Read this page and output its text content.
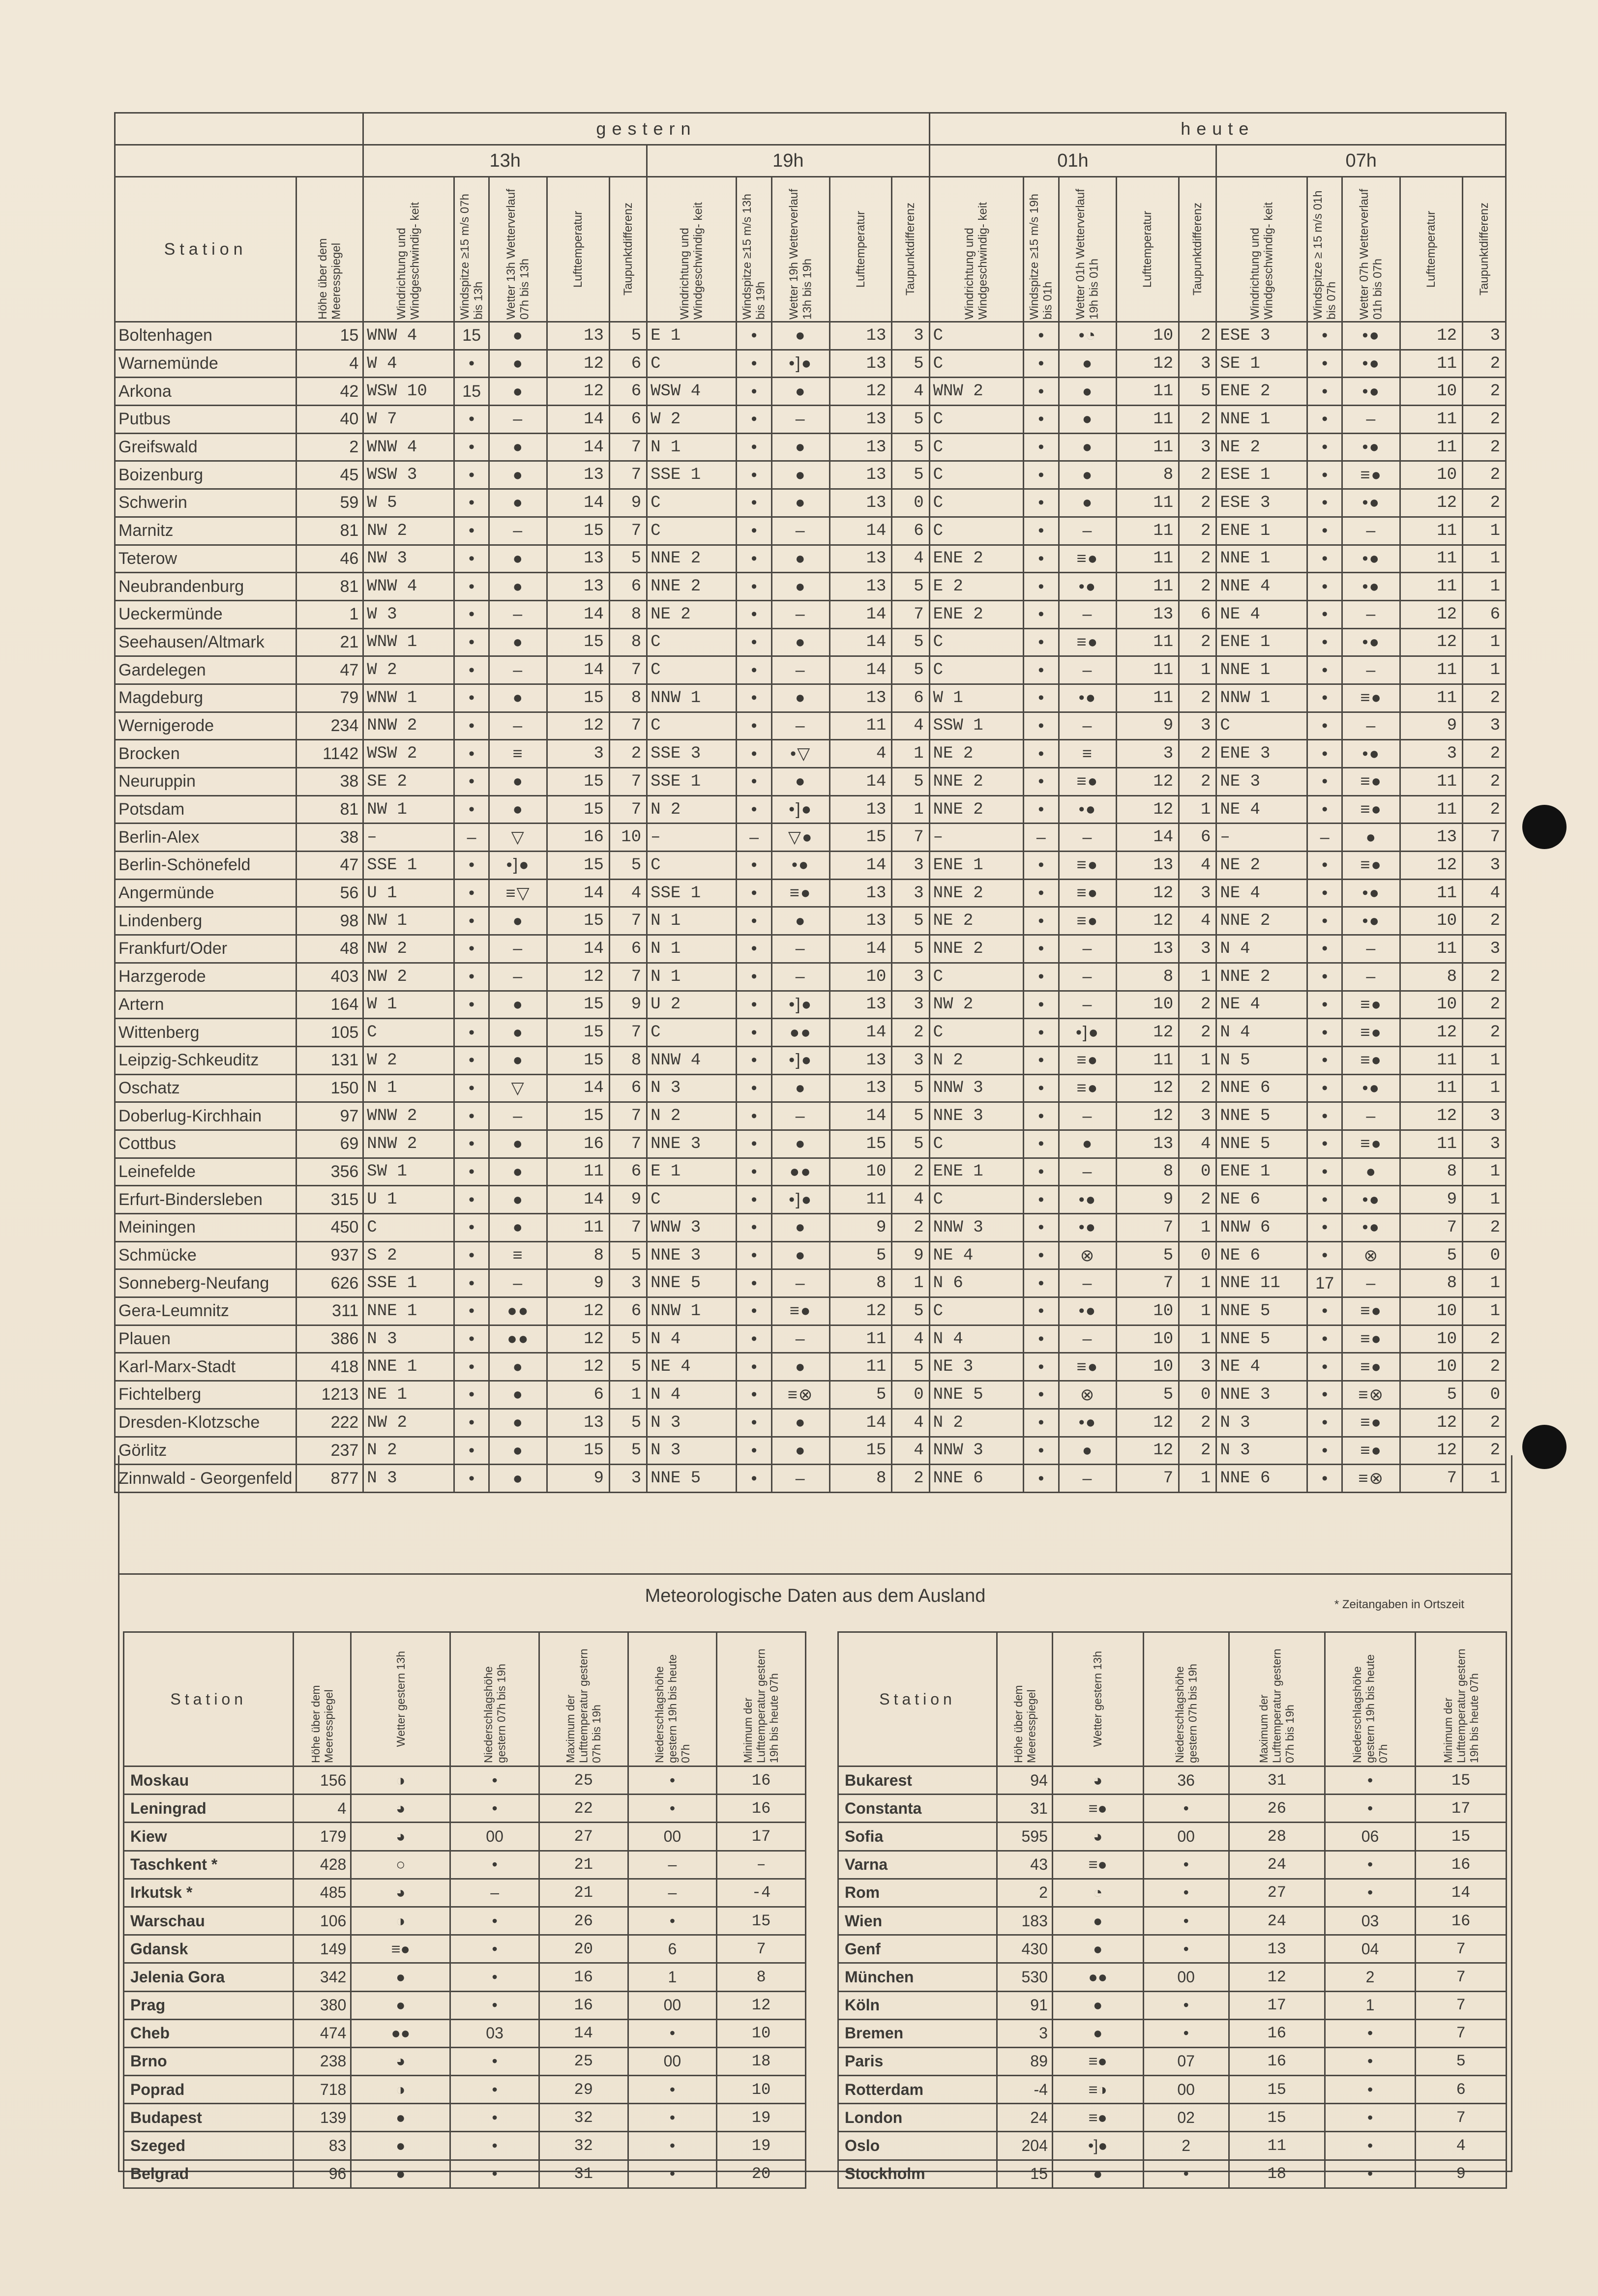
		gestern										heute									
		13h					19h					01h					07h				
Station	Höhe über dem Meeresspiegel	Windrichtung und Windgeschwindig- keit	Windspitze ≥15 m/s 07h bis 13h	Wetter 13h Wetterverlauf 07h bis 13h	Lufttemperatur	Taupunktdifferenz	Windrichtung und Windgeschwindig- keit	Windspitze ≥15 m/s 13h bis 19h	Wetter 19h Wetterverlauf 13h bis 19h	Lufttemperatur	Taupunktdifferenz	Windrichtung und Windgeschwindig- keit	Windspitze ≥15 m/s 19h bis 01h	Wetter 01h Wetterverlauf 19h bis 01h	Lufttemperatur	Taupunktdifferenz	Windrichtung und Windgeschwindig- keit	Windspitze ≥ 15 m/s 01h bis 07h	Wetter 07h Wetterverlauf 01h bis 07h	Lufttemperatur	Taupunktdifferenz

Boltenhagen	15	WNW 4	15	●	13	5	E 1	•	●	13	3	C	•	•◔	10	2	ESE 3	•	•●	12	3
Warnemünde	4	W 4	•	●	12	6	C	•	•]●	13	5	C	•	●	12	3	SE 1	•	•●	11	2
Arkona	42	WSW 10	15	●	12	6	WSW 4	•	●	12	4	WNW 2	•	●	11	5	ENE 2	•	•●	10	2
Putbus	40	W 7	•	–	14	6	W 2	•	–	13	5	C	•	●	11	2	NNE 1	•	–	11	2
Greifswald	2	WNW 4	•	●	14	7	N 1	•	●	13	5	C	•	●	11	3	NE 2	•	•●	11	2
Boizenburg	45	WSW 3	•	●	13	7	SSE 1	•	●	13	5	C	•	●	8	2	ESE 1	•	≡●	10	2
Schwerin	59	W 5	•	●	14	9	C	•	●	13	0	C	•	●	11	2	ESE 3	•	•●	12	2
Marnitz	81	NW 2	•	–	15	7	C	•	–	14	6	C	•	–	11	2	ENE 1	•	–	11	1
Teterow	46	NW 3	•	●	13	5	NNE 2	•	●	13	4	ENE 2	•	≡●	11	2	NNE 1	•	•●	11	1
Neubrandenburg	81	WNW 4	•	●	13	6	NNE 2	•	●	13	5	E 2	•	•●	11	2	NNE 4	•	•●	11	1
Ueckermünde	1	W 3	•	–	14	8	NE 2	•	–	14	7	ENE 2	•	–	13	6	NE 4	•	–	12	6
Seehausen/Altmark	21	WNW 1	•	●	15	8	C	•	●	14	5	C	•	≡●	11	2	ENE 1	•	•●	12	1
Gardelegen	47	W 2	•	–	14	7	C	•	–	14	5	C	•	–	11	1	NNE 1	•	–	11	1
Magdeburg	79	WNW 1	•	●	15	8	NNW 1	•	●	13	6	W 1	•	•●	11	2	NNW 1	•	≡●	11	2
Wernigerode	234	NNW 2	•	–	12	7	C	•	–	11	4	SSW 1	•	–	9	3	C	•	–	9	3
Brocken	1142	WSW 2	•	≡	3	2	SSE 3	•	•▽	4	1	NE 2	•	≡	3	2	ENE 3	•	•●	3	2
Neuruppin	38	SE 2	•	●	15	7	SSE 1	•	●	14	5	NNE 2	•	≡●	12	2	NE 3	•	≡●	11	2
Potsdam	81	NW 1	•	●	15	7	N 2	•	•]●	13	1	NNE 2	•	•●	12	1	NE 4	•	≡●	11	2
Berlin-Alex	38	–	–	▽	16	10	–	–	▽●	15	7	–	–	–	14	6	–	–	●	13	7
Berlin-Schönefeld	47	SSE 1	•	•]●	15	5	C	•	•●	14	3	ENE 1	•	≡●	13	4	NE 2	•	≡●	12	3
Angermünde	56	U 1	•	≡▽	14	4	SSE 1	•	≡●	13	3	NNE 2	•	≡●	12	3	NE 4	•	•●	11	4
Lindenberg	98	NW 1	•	●	15	7	N 1	•	●	13	5	NE 2	•	≡●	12	4	NNE 2	•	•●	10	2
Frankfurt/Oder	48	NW 2	•	–	14	6	N 1	•	–	14	5	NNE 2	•	–	13	3	N 4	•	–	11	3
Harzgerode	403	NW 2	•	–	12	7	N 1	•	–	10	3	C	•	–	8	1	NNE 2	•	–	8	2
Artern	164	W 1	•	●	15	9	U 2	•	•]●	13	3	NW 2	•	–	10	2	NE 4	•	≡●	10	2
Wittenberg	105	C	•	●	15	7	C	•	●●	14	2	C	•	•]●	12	2	N 4	•	≡●	12	2
Leipzig-Schkeuditz	131	W 2	•	●	15	8	NNW 4	•	•]●	13	3	N 2	•	≡●	11	1	N 5	•	≡●	11	1
Oschatz	150	N 1	•	▽	14	6	N 3	•	●	13	5	NNW 3	•	≡●	12	2	NNE 6	•	•●	11	1
Doberlug-Kirchhain	97	WNW 2	•	–	15	7	N 2	•	–	14	5	NNE 3	•	–	12	3	NNE 5	•	–	12	3
Cottbus	69	NNW 2	•	●	16	7	NNE 3	•	●	15	5	C	•	●	13	4	NNE 5	•	≡●	11	3
Leinefelde	356	SW 1	•	●	11	6	E 1	•	●●	10	2	ENE 1	•	–	8	0	ENE 1	•	●	8	1
Erfurt-Bindersleben	315	U 1	•	●	14	9	C	•	•]●	11	4	C	•	•●	9	2	NE 6	•	•●	9	1
Meiningen	450	C	•	●	11	7	WNW 3	•	●	9	2	NNW 3	•	•●	7	1	NNW 6	•	•●	7	2
Schmücke	937	S 2	•	≡	8	5	NNE 3	•	●	5	9	NE 4	•	⊗	5	0	NE 6	•	⊗	5	0
Sonneberg-Neufang	626	SSE 1	•	–	9	3	NNE 5	•	–	8	1	N 6	•	–	7	1	NNE 11	17	–	8	1
Gera-Leumnitz	311	NNE 1	•	●●	12	6	NNW 1	•	≡●	12	5	C	•	•●	10	1	NNE 5	•	≡●	10	1
Plauen	386	N 3	•	●●	12	5	N 4	•	–	11	4	N 4	•	–	10	1	NNE 5	•	≡●	10	2
Karl-Marx-Stadt	418	NNE 1	•	●	12	5	NE 4	•	●	11	5	NE 3	•	≡●	10	3	NE 4	•	≡●	10	2
Fichtelberg	1213	NE 1	•	●	6	1	N 4	•	≡⊗	5	0	NNE 5	•	⊗	5	0	NNE 3	•	≡⊗	5	0
Dresden-Klotzsche	222	NW 2	•	●	13	5	N 3	•	●	14	4	N 2	•	•●	12	2	N 3	•	≡●	12	2
Görlitz	237	N 2	•	●	15	5	N 3	•	●	15	4	NNW 3	•	●	12	2	N 3	•	≡●	12	2
Zinnwald - Georgenfeld	877	N 3	•	●	9	3	NNE 5	•	–	8	2	NNE 6	•	–	7	1	NNE 6	•	≡⊗	7	1
Meteorologische Daten aus dem Ausland	* Zeitangaben in Ortszeit
Station	Höhe über dem Meeresspiegel	Wetter gestern 13h	Niederschlagshöhe gestern 07h bis 19h	Maximum der Lufttemperatur gestern 07h bis 19h	Niederschlagshöhe gestern 19h bis heute 07h	Minimum der Lufttemperatur gestern 19h bis heute 07h

Moskau	156	◑	•	25	•	16
Leningrad	4	◕	•	22	•	16
Kiew	179	◕	00	27	00	17
Taschkent *	428	○	•	21	–	–
Irkutsk *	485	◕	–	21	–	-4
Warschau	106	◑	•	26	•	15
Gdansk	149	≡●	•	20	6	7
Jelenia Gora	342	●	•	16	1	8
Prag	380	●	•	16	00	12
Cheb	474	●●	03	14	•	10
Brno	238	◕	•	25	00	18
Poprad	718	◑	•	29	•	10
Budapest	139	●	•	32	•	19
Szeged	83	●	•	32	•	19
Belgrad	96	●	•	31	•	20
Station	Höhe über dem Meeresspiegel	Wetter gestern 13h	Niederschlagshöhe gestern 07h bis 19h	Maximum der Lufttemperatur gestern 07h bis 19h	Niederschlagshöhe gestern 19h bis heute 07h	Minimum der Lufttemperatur gestern 19h bis heute 07h

Bukarest	94	◕	36	31	•	15
Constanta	31	≡●	•	26	•	17
Sofia	595	◕	00	28	06	15
Varna	43	≡●	•	24	•	16
Rom	2	◔	•	27	•	14
Wien	183	●	•	24	03	16
Genf	430	●	•	13	04	7
München	530	●●	00	12	2	7
Köln	91	●	•	17	1	7
Bremen	3	●	•	16	•	7
Paris	89	≡●	07	16	•	5
Rotterdam	-4	≡◑	00	15	•	6
London	24	≡●	02	15	•	7
Oslo	204	•]●	2	11	•	4
Stockholm	15	●	•	18	•	9
